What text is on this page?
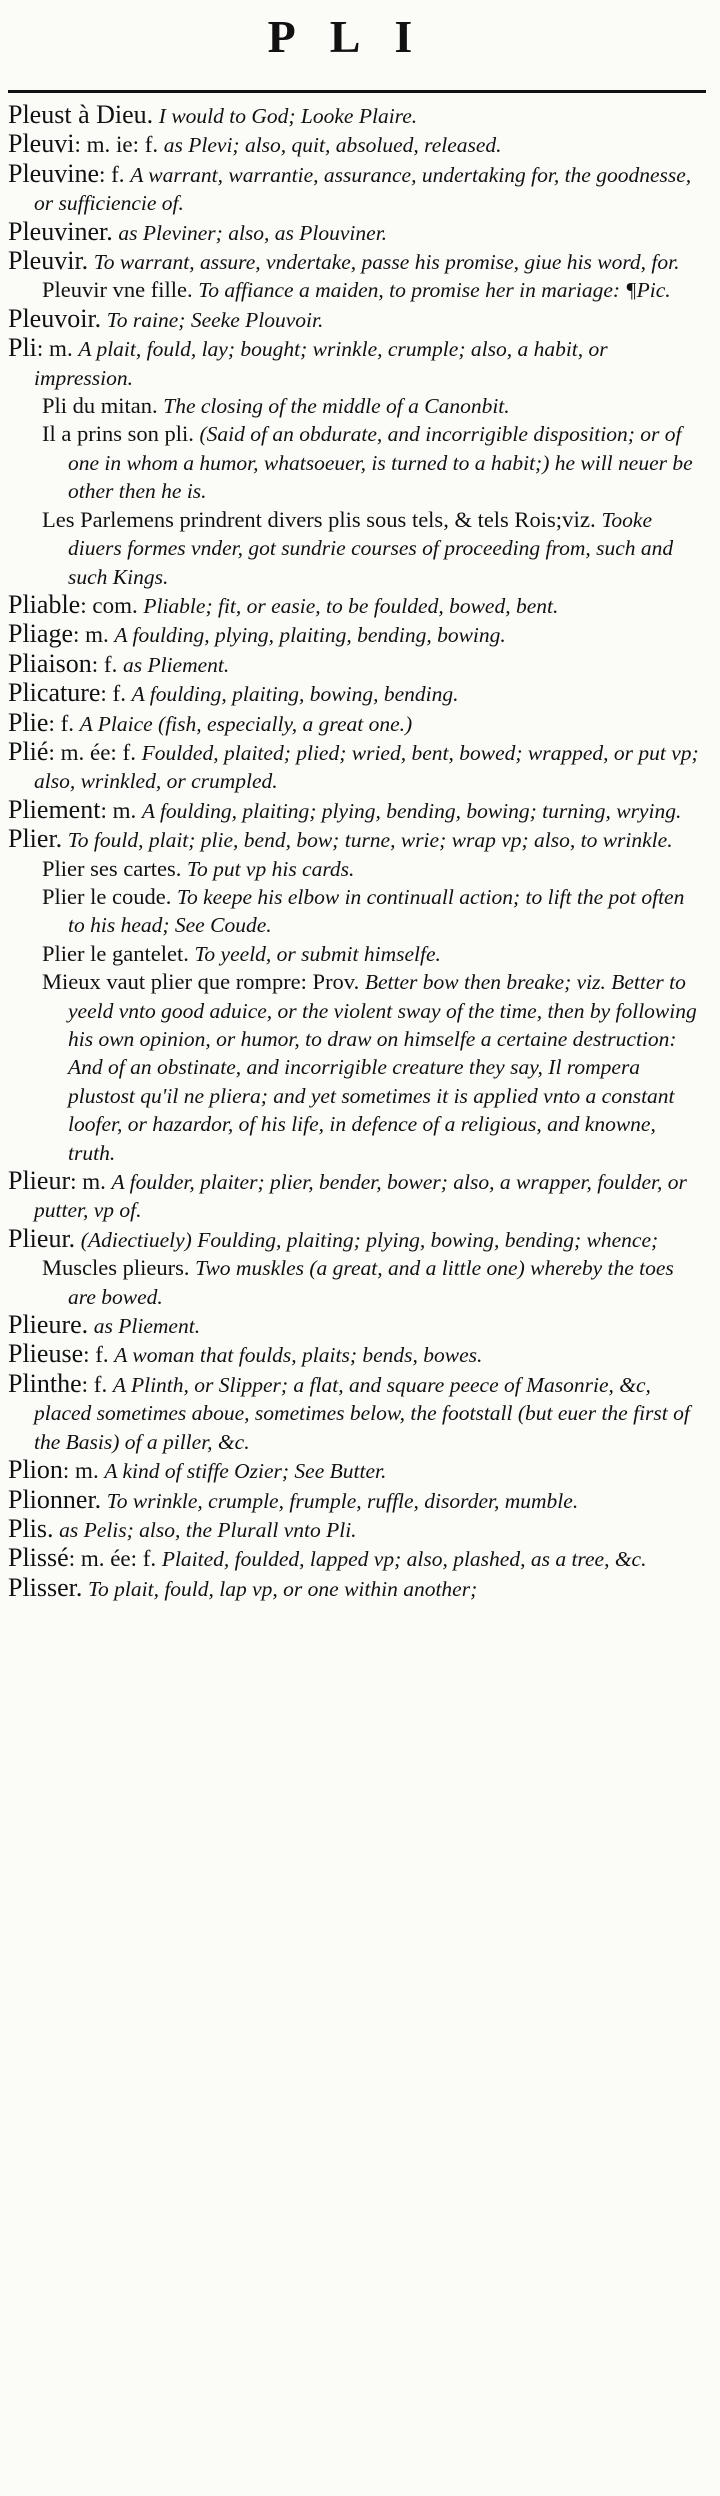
PLI

Pleust à Dieu. I would to God; Looke Plaire.

Pleuvi: m. ie: f. as Plevi; also, quit, absolued, released.

Pleuvine: f. A warrant, warrantie, assurance, undertaking for, the goodnesse, or sufficiencie of.

Pleuviner. as Pleviner; also, as Plouviner.

Pleuvir. To warrant, assure, vndertake, passe his promise, giue his word, for.

Pleuvir vne fille. To affiance a maiden, to promise her in mariage: ¶Pic.

Pleuvoir. To raine; Seeke Plouvoir.

Pli: m. A plait, fould, lay; bought; wrinkle, crumple; also, a habit, or impression.

Pli du mitan. The closing of the middle of a Canonbit.

Il a prins son pli. (Said of an obdurate, and incorrigible disposition; or of one in whom a humor, whatsoeuer, is turned to a habit;) he will neuer be other then he is.

Les Parlemens prindrent divers plis sous tels, & tels Rois;viz. Tooke diuers formes vnder, got sundrie courses of proceeding from, such and such Kings.

Pliable: com. Pliable; fit, or easie, to be foulded, bowed, bent.

Pliage: m. A foulding, plying, plaiting, bending, bowing.

Pliaison: f. as Pliement.

Plicature: f. A foulding, plaiting, bowing, bending.

Plie: f. A Plaice (fish, especially, a great one.)

Plié: m. ée: f. Foulded, plaited; plied; wried, bent, bowed; wrapped, or put vp; also, wrinkled, or crumpled.

Pliement: m. A foulding, plaiting; plying, bending, bowing; turning, wrying.

Plier. To fould, plait; plie, bend, bow; turne, wrie; wrap vp; also, to wrinkle.

Plier ses cartes. To put vp his cards.

Plier le coude. To keepe his elbow in continuall action; to lift the pot often to his head; See Coude.

Plier le gantelet. To yeeld, or submit himselfe.

Mieux vaut plier que rompre: Prov. Better bow then breake; viz. Better to yeeld vnto good aduice, or the violent sway of the time, then by following his own opinion, or humor, to draw on himselfe a certaine destruction: And of an obstinate, and incorrigible creature they say, Il rompera plustost qu'il ne pliera; and yet sometimes it is applied vnto a constant loofer, or hazardor, of his life, in defence of a religious, and knowne, truth.

Plieur: m. A foulder, plaiter; plier, bender, bower; also, a wrapper, foulder, or putter, vp of.

Plieur. (Adiectiuely) Foulding, plaiting; plying, bowing, bending; whence;

Muscles plieurs. Two muskles (a great, and a little one) whereby the toes are bowed.

Plieure. as Pliement.

Plieuse: f. A woman that foulds, plaits; bends, bowes.

Plinthe: f. A Plinth, or Slipper; a flat, and square peece of Masonrie, &c, placed sometimes aboue, sometimes below, the footstall (but euer the first of the Basis) of a piller, &c.

Plion: m. A kind of stiffe Ozier; See Butter.

Plionner. To wrinkle, crumple, frumple, ruffle, disorder, mumble.

Plis. as Pelis; also, the Plurall vnto Pli.

Plissé: m. ée: f. Plaited, foulded, lapped vp; also, plashed, as a tree, &c.

Plisser. To plait, fould, lap vp, or one within another;
